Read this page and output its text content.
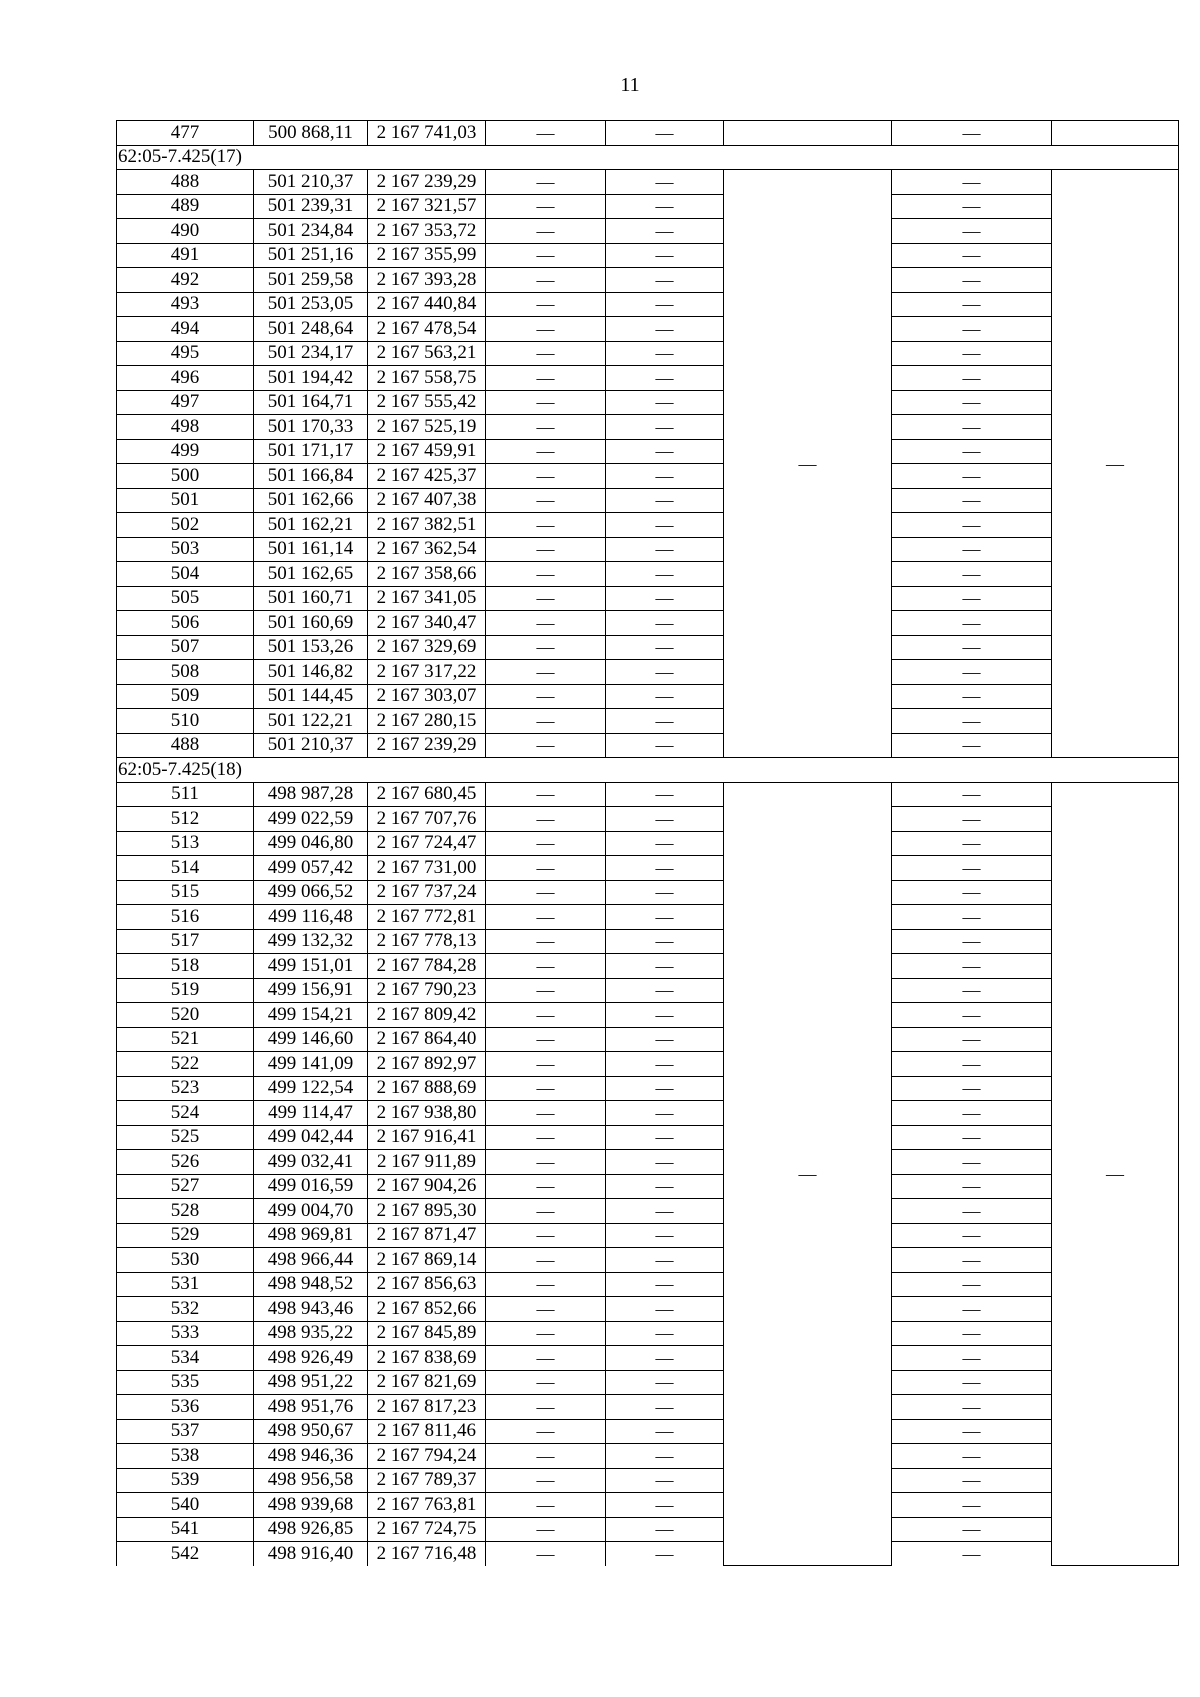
11
477	500 868,11	2 167 741,03	—	—		—	
62:05-7.425(17)							
488	501 210,37	2 167 239,29	—	—	—	—	—
489	501 239,31	2 167 321,57	—	—		—	
490	501 234,84	2 167 353,72	—	—		—	
491	501 251,16	2 167 355,99	—	—		—	
492	501 259,58	2 167 393,28	—	—		—	
493	501 253,05	2 167 440,84	—	—		—	
494	501 248,64	2 167 478,54	—	—		—	
495	501 234,17	2 167 563,21	—	—		—	
496	501 194,42	2 167 558,75	—	—		—	
497	501 164,71	2 167 555,42	—	—		—	
498	501 170,33	2 167 525,19	—	—		—	
499	501 171,17	2 167 459,91	—	—		—	
500	501 166,84	2 167 425,37	—	—		—	
501	501 162,66	2 167 407,38	—	—		—	
502	501 162,21	2 167 382,51	—	—		—	
503	501 161,14	2 167 362,54	—	—		—	
504	501 162,65	2 167 358,66	—	—		—	
505	501 160,71	2 167 341,05	—	—		—	
506	501 160,69	2 167 340,47	—	—		—	
507	501 153,26	2 167 329,69	—	—		—	
508	501 146,82	2 167 317,22	—	—		—	
509	501 144,45	2 167 303,07	—	—		—	
510	501 122,21	2 167 280,15	—	—		—	
488	501 210,37	2 167 239,29	—	—		—	
62:05-7.425(18)							
511	498 987,28	2 167 680,45	—	—	—	—	—
512	499 022,59	2 167 707,76	—	—		—	
513	499 046,80	2 167 724,47	—	—		—	
514	499 057,42	2 167 731,00	—	—		—	
515	499 066,52	2 167 737,24	—	—		—	
516	499 116,48	2 167 772,81	—	—		—	
517	499 132,32	2 167 778,13	—	—		—	
518	499 151,01	2 167 784,28	—	—		—	
519	499 156,91	2 167 790,23	—	—		—	
520	499 154,21	2 167 809,42	—	—		—	
521	499 146,60	2 167 864,40	—	—		—	
522	499 141,09	2 167 892,97	—	—		—	
523	499 122,54	2 167 888,69	—	—		—	
524	499 114,47	2 167 938,80	—	—		—	
525	499 042,44	2 167 916,41	—	—		—	
526	499 032,41	2 167 911,89	—	—		—	
527	499 016,59	2 167 904,26	—	—		—	
528	499 004,70	2 167 895,30	—	—		—	
529	498 969,81	2 167 871,47	—	—		—	
530	498 966,44	2 167 869,14	—	—		—	
531	498 948,52	2 167 856,63	—	—		—	
532	498 943,46	2 167 852,66	—	—		—	
533	498 935,22	2 167 845,89	—	—		—	
534	498 926,49	2 167 838,69	—	—		—	
535	498 951,22	2 167 821,69	—	—		—	
536	498 951,76	2 167 817,23	—	—		—	
537	498 950,67	2 167 811,46	—	—		—	
538	498 946,36	2 167 794,24	—	—		—	
539	498 956,58	2 167 789,37	—	—		—	
540	498 939,68	2 167 763,81	—	—		—	
541	498 926,85	2 167 724,75	—	—		—	
542	498 916,40	2 167 716,48	—	—		—	
